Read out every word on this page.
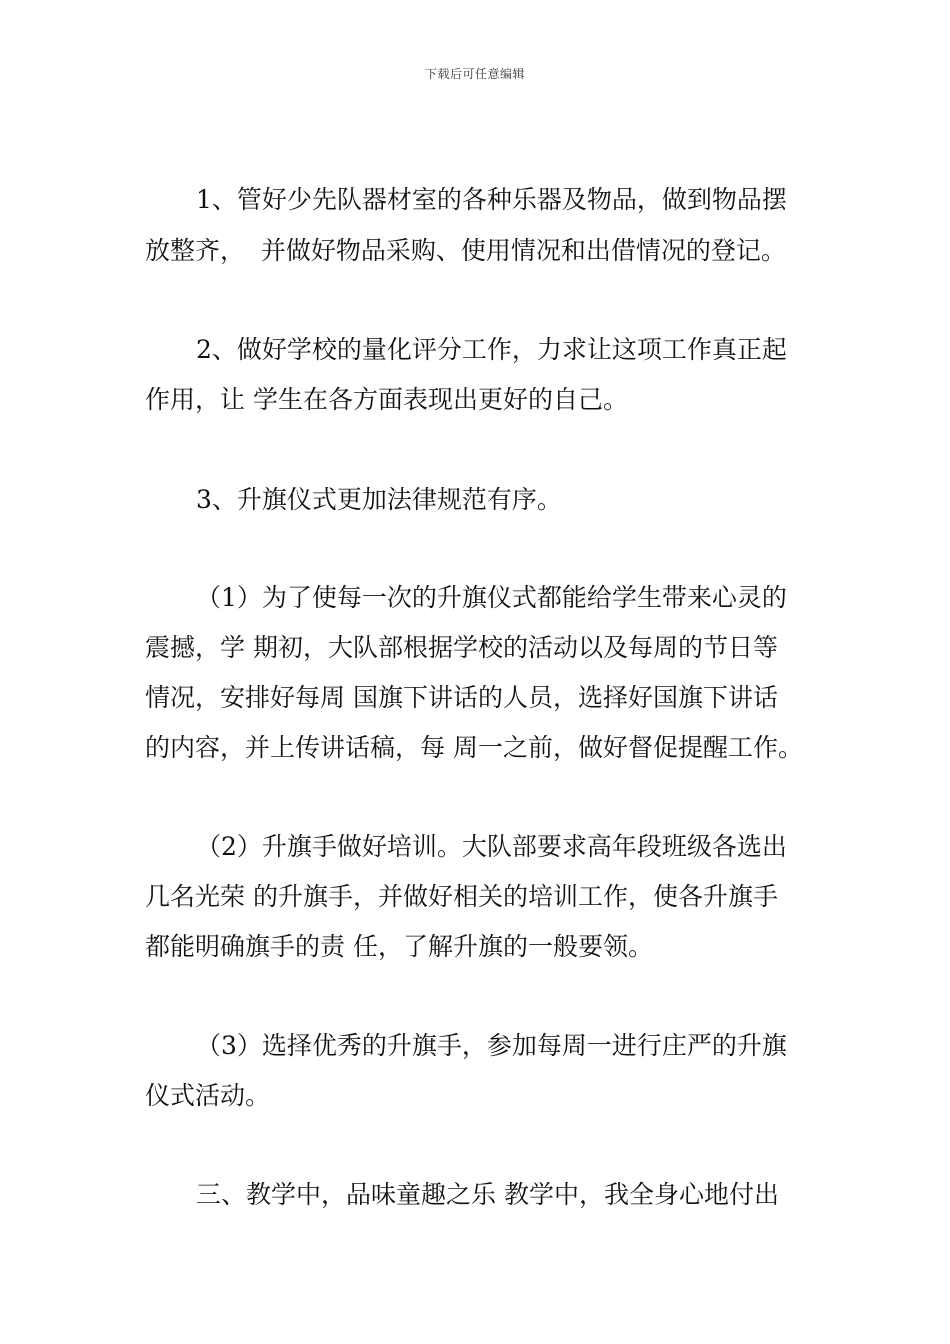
下载后可任意编辑

1、管好少先队器材室的各种乐器及物品，做到物品摆

放整齐，  并做好物品采购、使用情况和出借情况的登记。

2、做好学校的量化评分工作，力求让这项工作真正起

作用，让 学生在各方面表现出更好的自己。

3、升旗仪式更加法律规范有序。

（1）为了使每一次的升旗仪式都能给学生带来心灵的

震撼，学 期初，大队部根据学校的活动以及每周的节日等

情况，安排好每周 国旗下讲话的人员，选择好国旗下讲话

的内容，并上传讲话稿，每 周一之前，做好督促提醒工作。

（2）升旗手做好培训。大队部要求高年段班级各选出

几名光荣 的升旗手，并做好相关的培训工作，使各升旗手

都能明确旗手的责 任，了解升旗的一般要领。

（3）选择优秀的升旗手，参加每周一进行庄严的升旗

仪式活动。

三、教学中，品味童趣之乐 教学中，我全身心地付出
